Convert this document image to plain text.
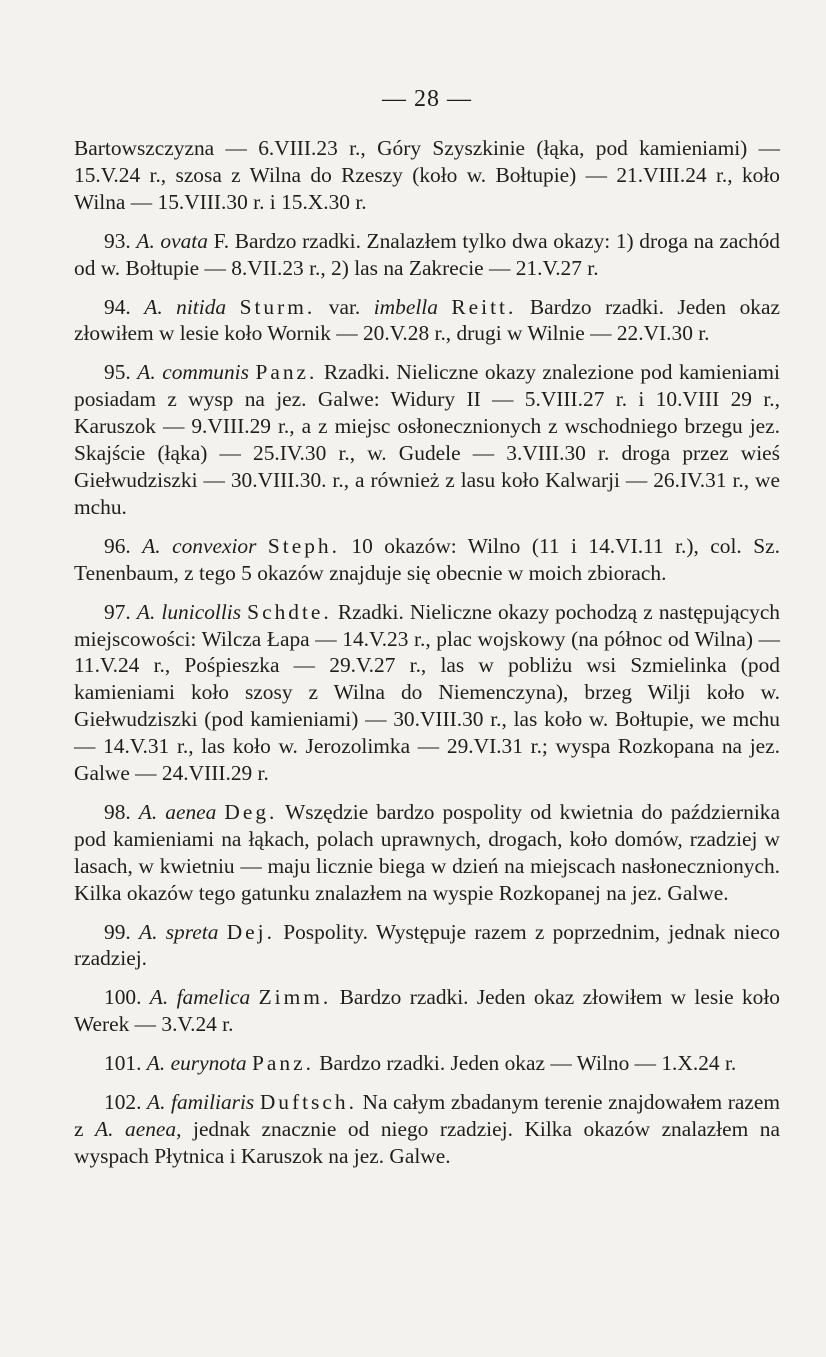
— 28 —

Bartowszczyzna — 6.VIII.23 r., Góry Szyszkinie (łąka, pod kamieniami) — 15.V.24 r., szosa z Wilna do Rzeszy (koło w. Bołtupie) — 21.VIII.24 r., koło Wilna — 15.VIII.30 r. i 15.X.30 r.

93. A. ovata F. Bardzo rzadki. Znalazłem tylko dwa okazy: 1) droga na zachód od w. Bołtupie — 8.VII.23 r., 2) las na Zakrecie — 21.V.27 r.

94. A. nitida Sturm. var. imbella Reitt. Bardzo rzadki. Jeden okaz złowiłem w lesie koło Wornik — 20.V.28 r., drugi w Wilnie — 22.VI.30 r.

95. A. communis Panz. Rzadki. Nieliczne okazy znalezione pod kamieniami posiadam z wysp na jez. Galwe: Widury II — 5.VIII.27 r. i 10.VIII 29 r., Karuszok — 9.VIII.29 r., a z miejsc osłonecznionych z wschodniego brzegu jez. Skajście (łąka) — 25.IV.30 r., w. Gudele — 3.VIII.30 r. droga przez wieś Giełwudziszki — 30.VIII.30. r., a również z lasu koło Kalwarji — 26.IV.31 r., we mchu.

96. A. convexior Steph. 10 okazów: Wilno (11 i 14.VI.11 r.), col. Sz. Tenenbaum, z tego 5 okazów znajduje się obecnie w moich zbiorach.

97. A. lunicollis Schdte. Rzadki. Nieliczne okazy pochodzą z następujących miejscowości: Wilcza Łapa — 14.V.23 r., plac wojskowy (na północ od Wilna) — 11.V.24 r., Pośpieszka — 29.V.27 r., las w pobliżu wsi Szmielinka (pod kamieniami koło szosy z Wilna do Niemenczyna), brzeg Wilji koło w. Giełwudziszki (pod kamieniami) — 30.VIII.30 r., las koło w. Bołtupie, we mchu — 14.V.31 r., las koło w. Jerozolimka — 29.VI.31 r.; wyspa Rozkopana na jez. Galwe — 24.VIII.29 r.

98. A. aenea Deg. Wszędzie bardzo pospolity od kwietnia do października pod kamieniami na łąkach, polach uprawnych, drogach, koło domów, rzadziej w lasach, w kwietniu — maju licznie biega w dzień na miejscach nasłonecznionych. Kilka okazów tego gatunku znalazłem na wyspie Rozkopanej na jez. Galwe.

99. A. spreta Dej. Pospolity. Występuje razem z poprzednim, jednak nieco rzadziej.

100. A. famelica Zimm. Bardzo rzadki. Jeden okaz złowiłem w lesie koło Werek — 3.V.24 r.

101. A. eurynota Panz. Bardzo rzadki. Jeden okaz — Wilno — 1.X.24 r.

102. A. familiaris Duftsch. Na całym zbadanym terenie znajdowałem razem z A. aenea, jednak znacznie od niego rzadziej. Kilka okazów znalazłem na wyspach Płytnica i Karuszok na jez. Galwe.
